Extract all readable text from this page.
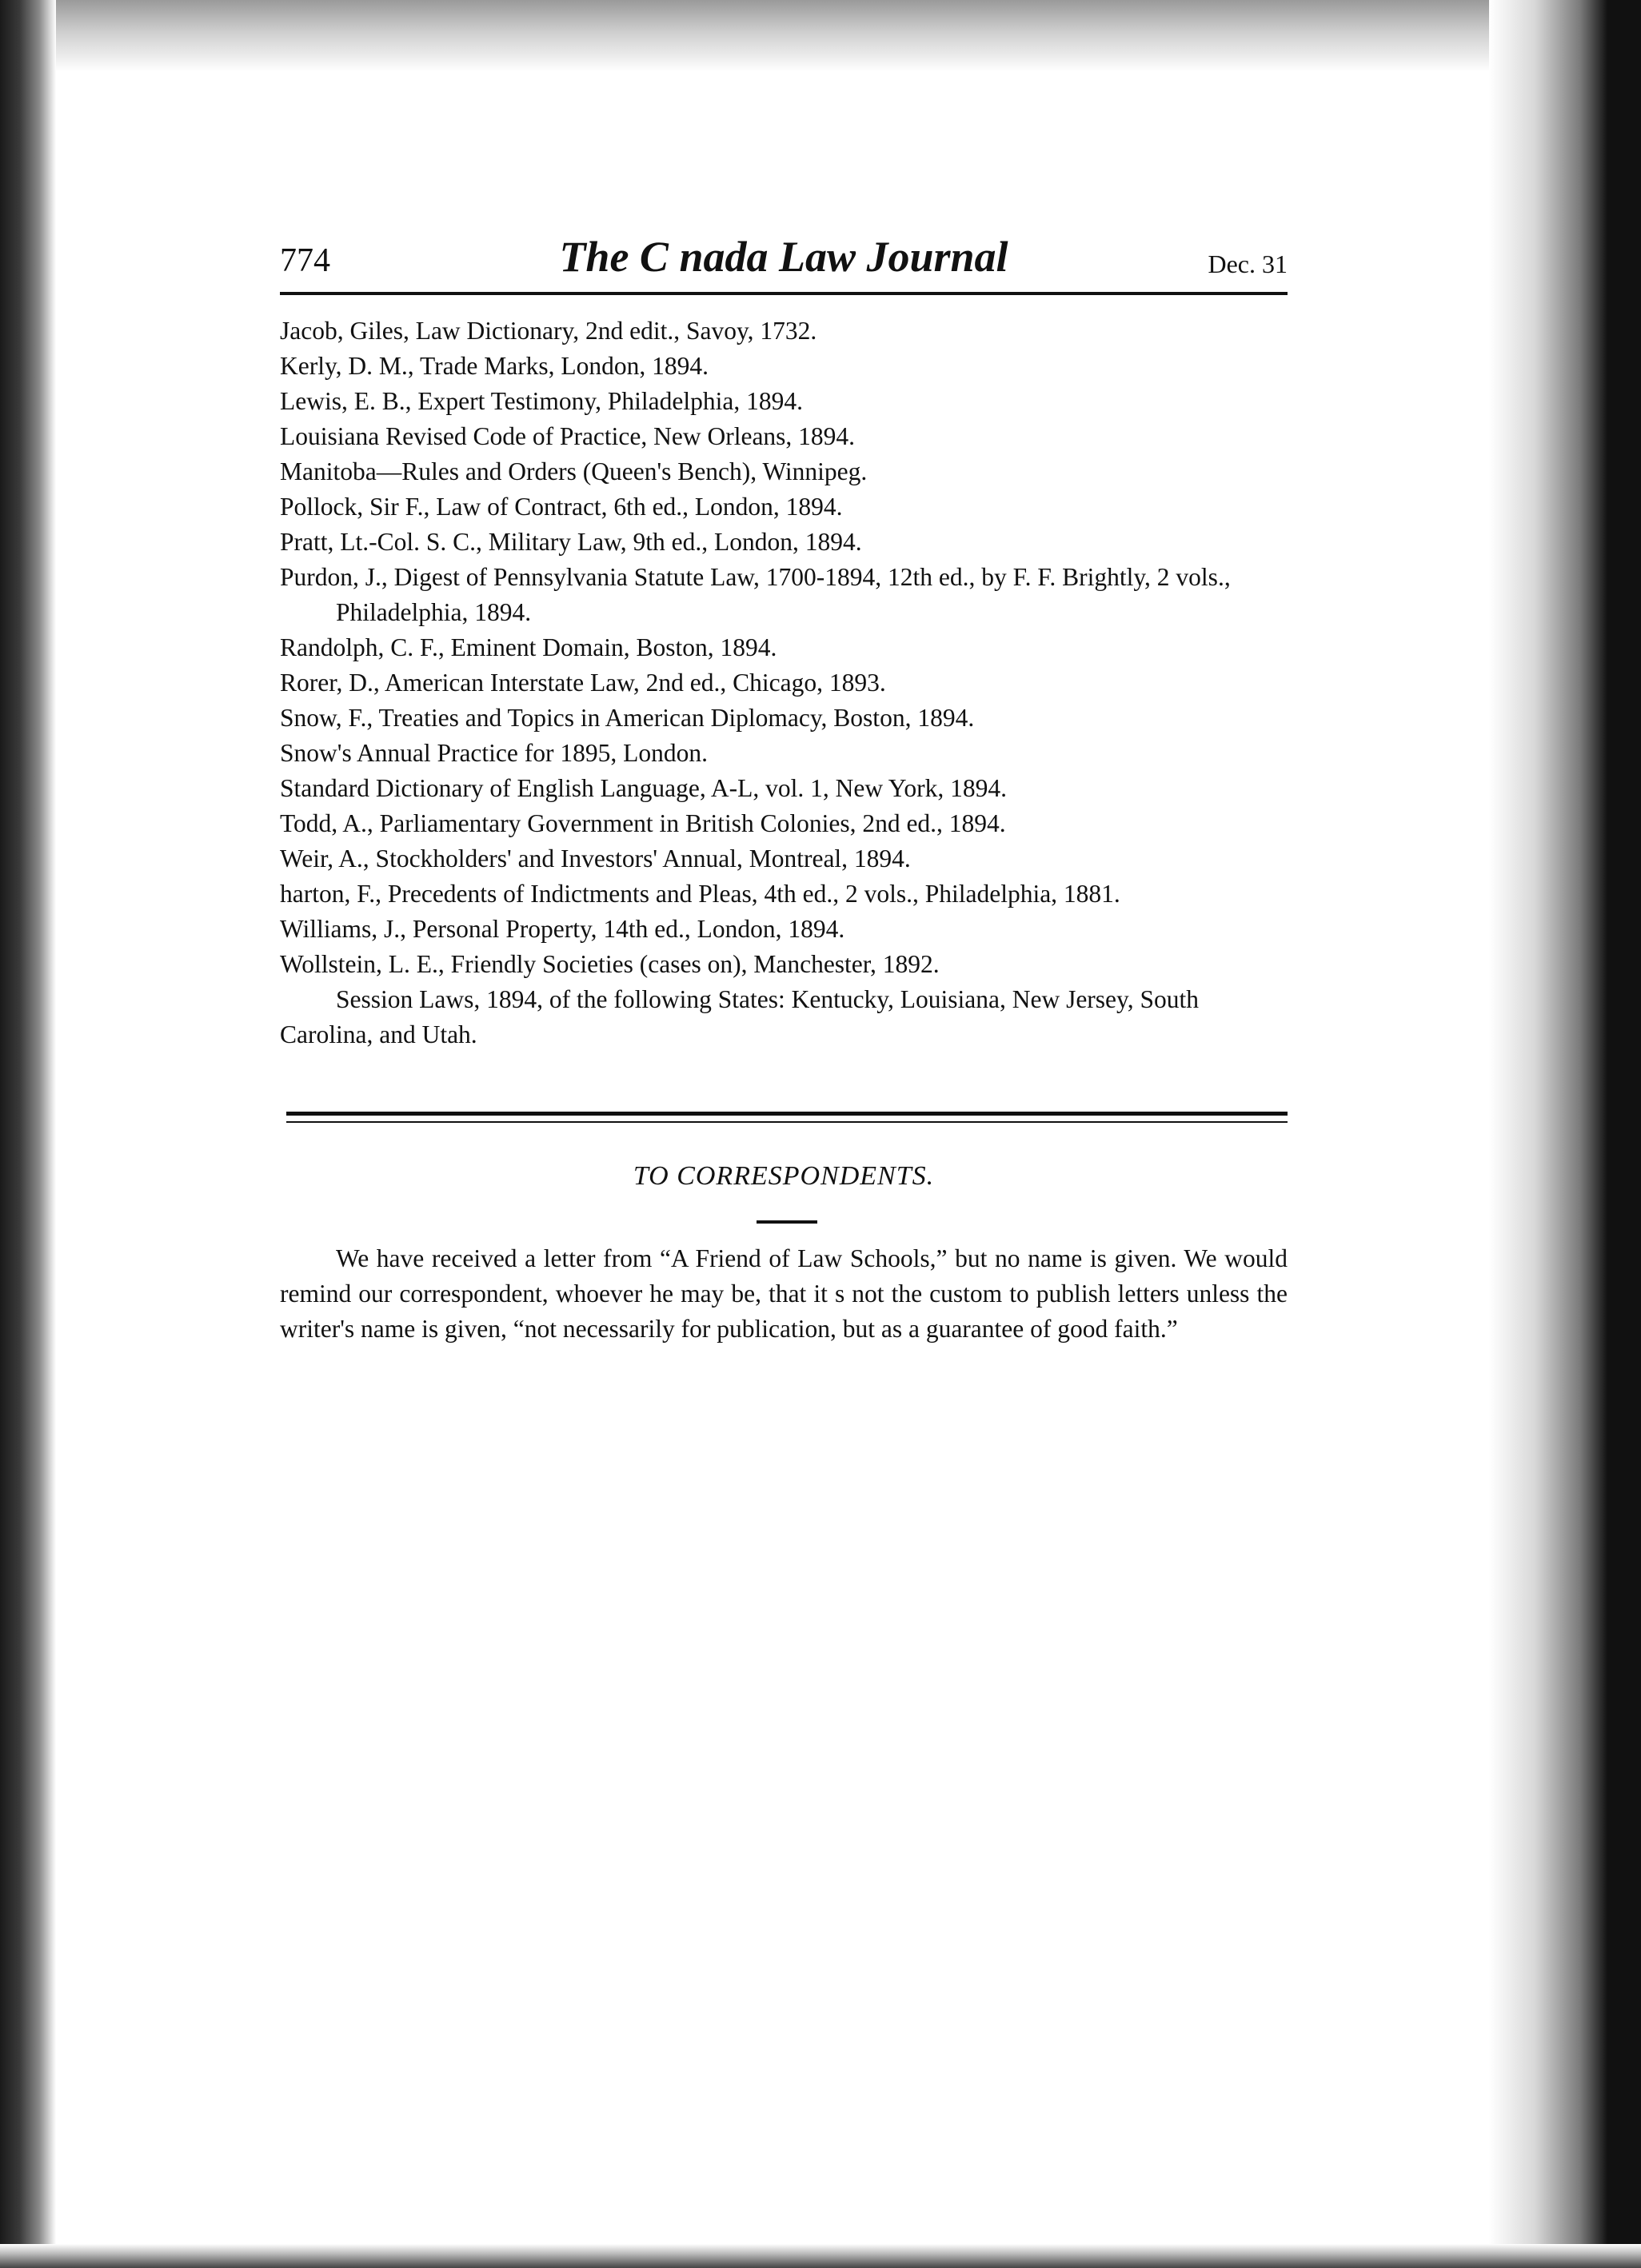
774	The C nada Law Journal	Dec. 31
Jacob, Giles, Law Dictionary, 2nd edit., Savoy, 1732.
Kerly, D. M., Trade Marks, London, 1894.
Lewis, E. B., Expert Testimony, Philadelphia, 1894.
Louisiana Revised Code of Practice, New Orleans, 1894.
Manitoba—Rules and Orders (Queen's Bench), Winnipeg.
Pollock, Sir F., Law of Contract, 6th ed., London, 1894.
Pratt, Lt.-Col. S. C., Military Law, 9th ed., London, 1894.
Purdon, J., Digest of Pennsylvania Statute Law, 1700-1894, 12th ed., by F. F. Brightly, 2 vols., Philadelphia, 1894.
Randolph, C. F., Eminent Domain, Boston, 1894.
Rorer, D., American Interstate Law, 2nd ed., Chicago, 1893.
Snow, F., Treaties and Topics in American Diplomacy, Boston, 1894.
Snow's Annual Practice for 1895, London.
Standard Dictionary of English Language, A-L, vol. 1, New York, 1894.
Todd, A., Parliamentary Government in British Colonies, 2nd ed., 1894.
Weir, A., Stockholders' and Investors' Annual, Montreal, 1894.
harton, F., Precedents of Indictments and Pleas, 4th ed., 2 vols., Philadelphia, 1881.
Williams, J., Personal Property, 14th ed., London, 1894.
Wollstein, L. E., Friendly Societies (cases on), Manchester, 1892.
Session Laws, 1894, of the following States: Kentucky, Louisiana, New Jersey, South Carolina, and Utah.
TO CORRESPONDENTS.
We have received a letter from “A Friend of Law Schools,” but no name is given. We would remind our correspondent, whoever he may be, that it s not the custom to publish letters unless the writer's name is given, “not necessarily for publication, but as a guarantee of good faith.”
